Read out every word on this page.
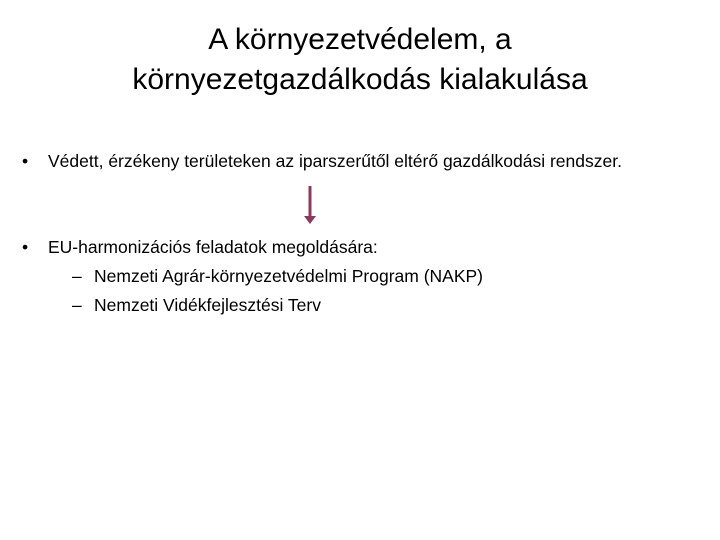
A környezetvédelem, a
környezetgazdálkodás kialakulása
• Védett, érzékeny területeken az iparszerűtől eltérő gazdálkodási rendszer.
• EU-harmonizációs feladatok megoldására:
– Nemzeti Agrár-környezetvédelmi Program (NAKP)
– Nemzeti Vidékfejlesztési Terv
